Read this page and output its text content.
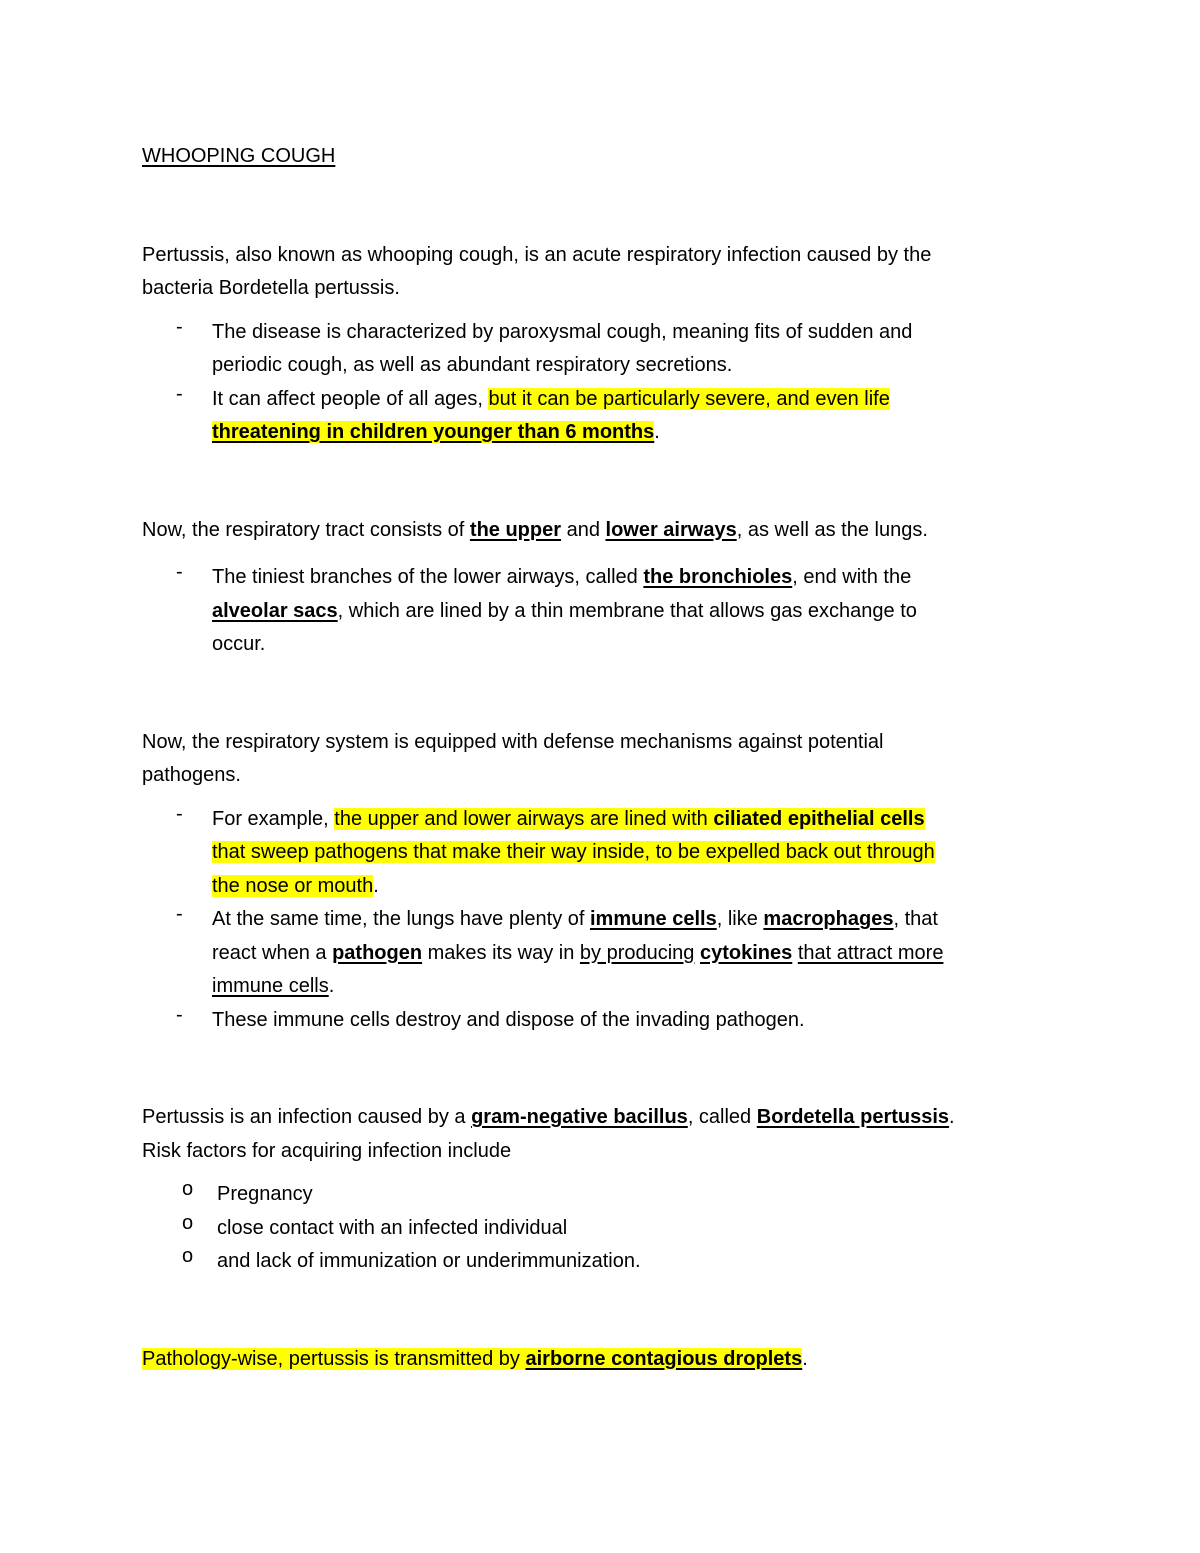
WHOOPING COUGH
Pertussis, also known as whooping cough, is an acute respiratory infection caused by the
bacteria Bordetella pertussis.
- The disease is characterized by paroxysmal cough, meaning fits of sudden and
periodic cough, as well as abundant respiratory secretions.
- It can affect people of all ages, but it can be particularly severe, and even life
threatening in children younger than 6 months.
Now, the respiratory tract consists of the upper and lower airways, as well as the lungs.
- The tiniest branches of the lower airways, called the bronchioles, end with the
alveolar sacs, which are lined by a thin membrane that allows gas exchange to
occur.
Now, the respiratory system is equipped with defense mechanisms against potential
pathogens.
- For example, the upper and lower airways are lined with ciliated epithelial cells
that sweep pathogens that make their way inside, to be expelled back out through
the nose or mouth.
- At the same time, the lungs have plenty of immune cells, like macrophages, that
react when a pathogen makes its way in by producing cytokines that attract more
immune cells.
- These immune cells destroy and dispose of the invading pathogen.
Pertussis is an infection caused by a gram-negative bacillus, called Bordetella pertussis.
Risk factors for acquiring infection include
o Pregnancy
o close contact with an infected individual
o and lack of immunization or underimmunization.
Pathology-wise, pertussis is transmitted by airborne contagious droplets.
